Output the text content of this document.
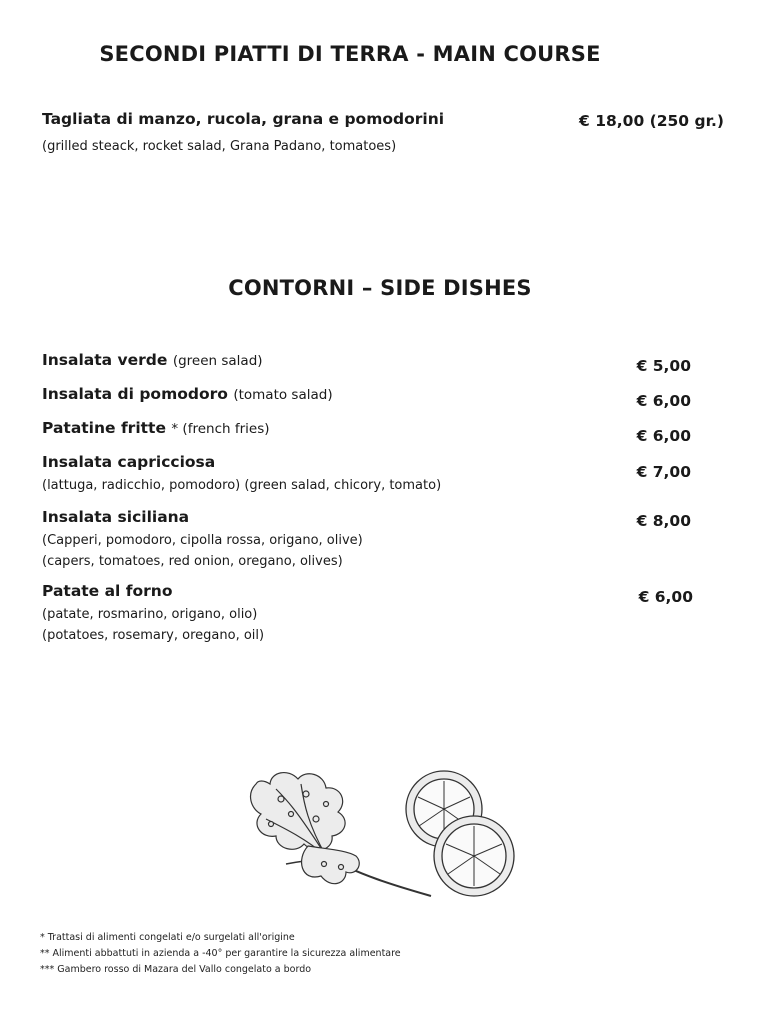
SECONDI PIATTI DI TERRA - MAIN COURSE
Tagliata di manzo, rucola, grana e pomodorini
(grilled steack, rocket salad, Grana Padano, tomatoes)
€ 18,00 (250 gr.)
CONTORNI – SIDE DISHES
Insalata verde (green salad)	€ 5,00
Insalata di pomodoro (tomato salad)	€ 6,00
Patatine fritte * (french fries)	€ 6,00
Insalata capricciosa
(lattuga, radicchio, pomodoro) (green salad, chicory, tomato)
€ 7,00
Insalata siciliana
(Capperi, pomodoro, cipolla rossa, origano, olive)
(capers, tomatoes, red onion, oregano, olives)
€ 8,00
Patate al forno
(patate, rosmarino, origano, olio)
(potatoes, rosemary, oregano, oil)
€ 6,00
* Trattasi di alimenti congelati e/o surgelati all'origine
** Alimenti abbattuti in azienda a -40° per garantire la sicurezza alimentare
*** Gambero rosso di Mazara del Vallo congelato a bordo
